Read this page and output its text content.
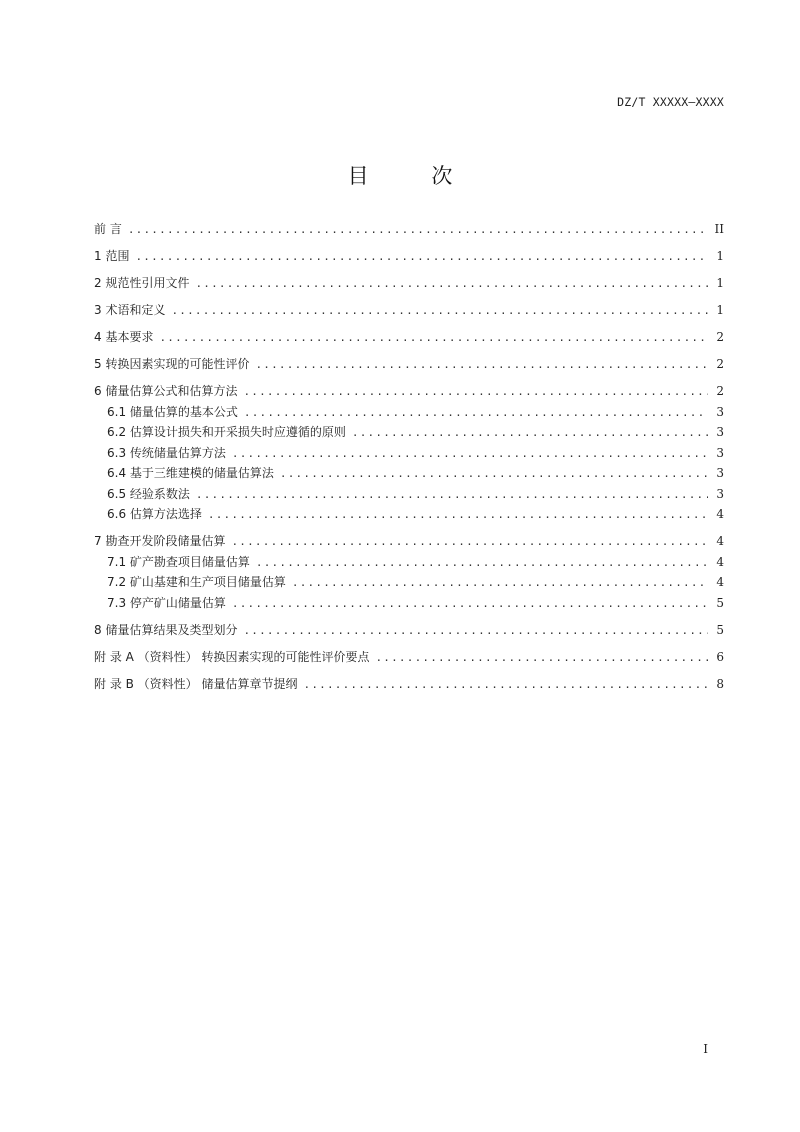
DZ/T XXXXX—XXXX
目 次
前 言 .....	II
1 范围 .....	1
2 规范性引用文件 .....	1
3 术语和定义 .....	1
4 基本要求 .....	2
5 转换因素实现的可能性评价 .....	2
6 储量估算公式和估算方法 .....	2
6.1 储量估算的基本公式 .....	3
6.2 估算设计损失和开采损失时应遵循的原则 .....	3
6.3 传统储量估算方法 .....	3
6.4 基于三维建模的储量估算法 .....	3
6.5 经验系数法 .....	3
6.6 估算方法选择 .....	4
7 勘查开发阶段储量估算 .....	4
7.1 矿产勘查项目储量估算 .....	4
7.2 矿山基建和生产项目储量估算 .....	4
7.3 停产矿山储量估算 .....	5
8 储量估算结果及类型划分 .....	5
附 录 A （资料性） 转换因素实现的可能性评价要点 .....	6
附 录 B （资料性） 储量估算章节提纲 .....	8
I
